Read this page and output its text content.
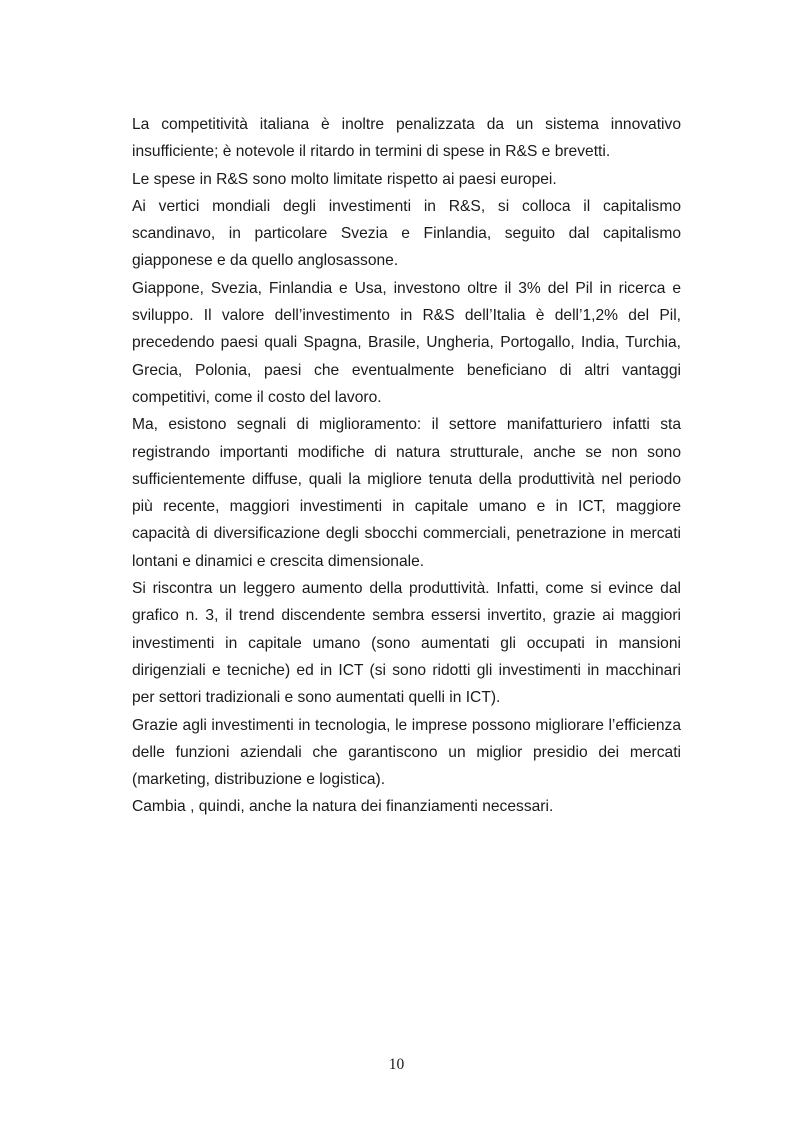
La competitività italiana è inoltre penalizzata da un sistema innovativo insufficiente; è notevole il ritardo in termini di spese in R&S e brevetti.

Le spese in R&S sono molto limitate rispetto ai paesi europei.

Ai vertici mondiali degli investimenti in R&S, si colloca il capitalismo scandinavo, in particolare Svezia e Finlandia, seguito dal capitalismo giapponese e da quello anglosassone.

Giappone, Svezia, Finlandia e Usa, investono oltre il 3% del Pil in ricerca e sviluppo. Il valore dell’investimento in R&S dell’Italia è dell’1,2% del Pil, precedendo paesi quali Spagna, Brasile, Ungheria, Portogallo, India, Turchia, Grecia, Polonia, paesi che eventualmente beneficiano di altri vantaggi competitivi, come il costo del lavoro.

Ma, esistono segnali di miglioramento: il settore manifatturiero infatti sta registrando importanti modifiche di natura strutturale, anche se non sono sufficientemente diffuse, quali la migliore tenuta della produttività nel periodo più recente, maggiori investimenti in capitale umano e in ICT, maggiore capacità di diversificazione degli sbocchi commerciali, penetrazione in mercati lontani e dinamici e crescita dimensionale.

Si riscontra un leggero aumento della produttività. Infatti, come si evince dal grafico n. 3, il trend discendente sembra essersi invertito, grazie ai maggiori investimenti in capitale umano (sono aumentati gli occupati in mansioni dirigenziali e tecniche) ed in ICT (si sono ridotti gli investimenti in macchinari per settori tradizionali e sono aumentati quelli in ICT).

Grazie agli investimenti in tecnologia, le imprese possono migliorare l’efficienza delle funzioni aziendali che garantiscono un miglior presidio dei mercati (marketing, distribuzione e logistica).

Cambia , quindi, anche la natura dei finanziamenti necessari.

10
